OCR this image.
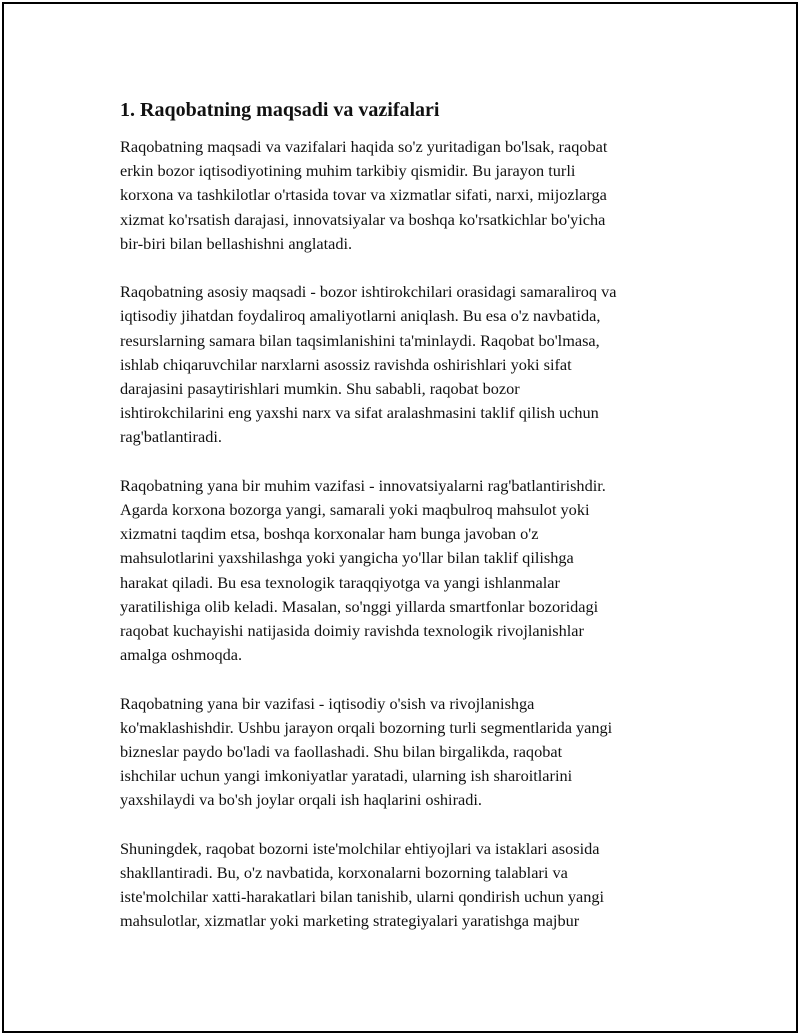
1. Raqobatning maqsadi va vazifalari

Raqobatning maqsadi va vazifalari haqida so'z yuritadigan bo'lsak, raqobat
erkin bozor iqtisodiyotining muhim tarkibiy qismidir. Bu jarayon turli
korxona va tashkilotlar o'rtasida tovar va xizmatlar sifati, narxi, mijozlarga
xizmat ko'rsatish darajasi, innovatsiyalar va boshqa ko'rsatkichlar bo'yicha
bir-biri bilan bellashishni anglatadi.

Raqobatning asosiy maqsadi - bozor ishtirokchilari orasidagi samaraliroq va
iqtisodiy jihatdan foydaliroq amaliyotlarni aniqlash. Bu esa o'z navbatida,
resurslarning samara bilan taqsimlanishini ta'minlaydi. Raqobat bo'lmasa,
ishlab chiqaruvchilar narxlarni asossiz ravishda oshirishlari yoki sifat
darajasini pasaytirishlari mumkin. Shu sababli, raqobat bozor
ishtirokchilarini eng yaxshi narx va sifat aralashmasini taklif qilish uchun
rag'batlantiradi.

Raqobatning yana bir muhim vazifasi - innovatsiyalarni rag'batlantirishdir.
Agarda korxona bozorga yangi, samarali yoki maqbulroq mahsulot yoki
xizmatni taqdim etsa, boshqa korxonalar ham bunga javoban o'z
mahsulotlarini yaxshilashga yoki yangicha yo'llar bilan taklif qilishga
harakat qiladi. Bu esa texnologik taraqqiyotga va yangi ishlanmalar
yaratilishiga olib keladi. Masalan, so'nggi yillarda smartfonlar bozoridagi
raqobat kuchayishi natijasida doimiy ravishda texnologik rivojlanishlar
amalga oshmoqda.

Raqobatning yana bir vazifasi - iqtisodiy o'sish va rivojlanishga
ko'maklashishdir. Ushbu jarayon orqali bozorning turli segmentlarida yangi
bizneslar paydo bo'ladi va faollashadi. Shu bilan birgalikda, raqobat
ishchilar uchun yangi imkoniyatlar yaratadi, ularning ish sharoitlarini
yaxshilaydi va bo'sh joylar orqali ish haqlarini oshiradi.

Shuningdek, raqobat bozorni iste'molchilar ehtiyojlari va istaklari asosida
shakllantiradi. Bu, o'z navbatida, korxonalarni bozorning talablari va
iste'molchilar xatti-harakatlari bilan tanishib, ularni qondirish uchun yangi
mahsulotlar, xizmatlar yoki marketing strategiyalari yaratishga majbur
